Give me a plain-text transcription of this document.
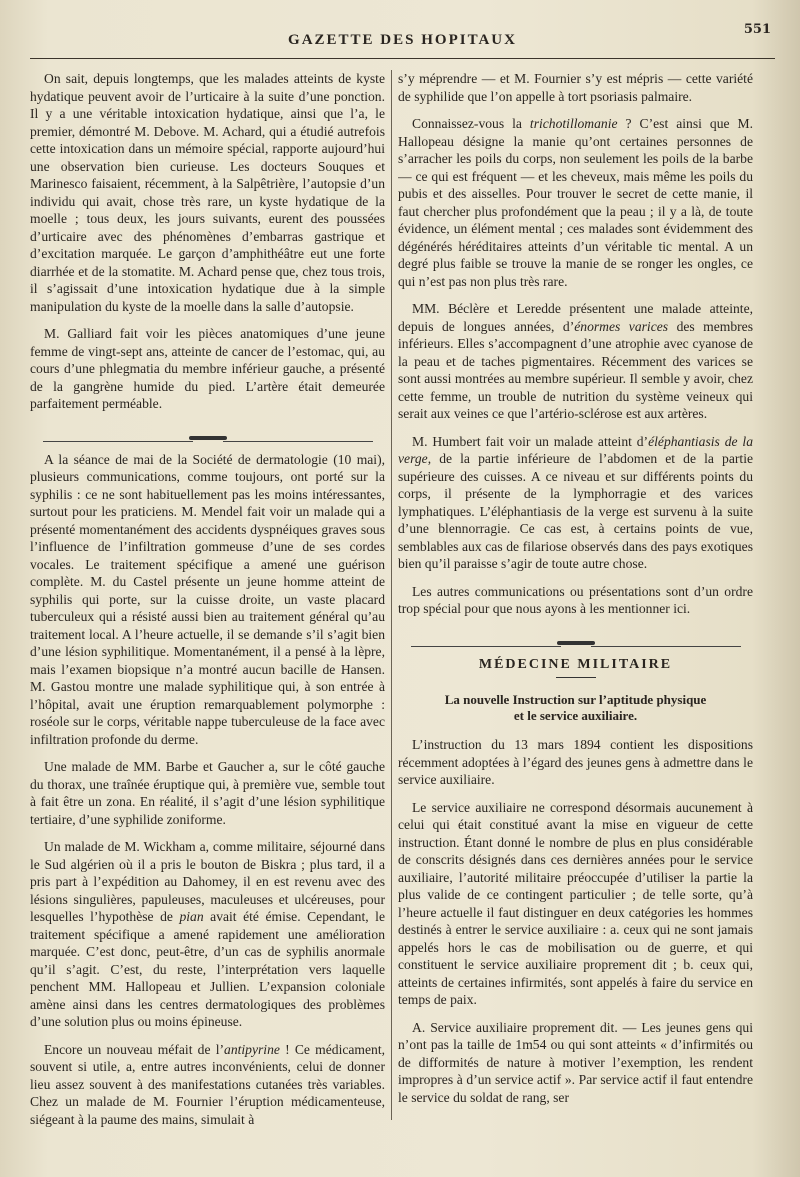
GAZETTE DES HOPITAUX
551

On sait, depuis longtemps, que les malades atteints de kyste hydatique peuvent avoir de l’urticaire à la suite d’une ponction. Il y a une véritable intoxication hydatique, ainsi que l’a, le premier, démontré M. Debove. M. Achard, qui a étudié autrefois cette intoxication dans un mémoire spécial, rapporte aujourd’hui une observation bien curieuse. Les docteurs Souques et Marinesco faisaient, récemment, à la Salpêtrière, l’autopsie d’un individu qui avait, chose très rare, un kyste hydatique de la moelle ; tous deux, les jours suivants, eurent des poussées d’urticaire avec des phénomènes d’embarras gastrique et d’excitation marquée. Le garçon d’amphithéâtre eut une forte diarrhée et de la stomatite. M. Achard pense que, chez tous trois, il s’agissait d’une intoxication hydatique due à la simple manipulation du kyste de la moelle dans la salle d’autopsie.

M. Galliard fait voir les pièces anatomiques d’une jeune femme de vingt-sept ans, atteinte de cancer de l’estomac, qui, au cours d’une phlegmatia du membre inférieur gauche, a présenté de la gangrène humide du pied. L’artère était demeurée parfaitement perméable.

A la séance de mai de la Société de dermatologie (10 mai), plusieurs communications, comme toujours, ont porté sur la syphilis : ce ne sont habituellement pas les moins intéressantes, surtout pour les praticiens. M. Mendel fait voir un malade qui a présenté momentanément des accidents dyspnéiques graves sous l’influence de l’infiltration gommeuse d’une de ses cordes vocales. Le traitement spécifique a amené une guérison complète. M. du Castel présente un jeune homme atteint de syphilis qui porte, sur la cuisse droite, un vaste placard tuberculeux qui a résisté aussi bien au traitement général qu’au traitement local. A l’heure actuelle, il se demande s’il s’agit bien d’une lésion syphilitique. Momentanément, il a pensé à la lèpre, mais l’examen biopsique n’a montré aucun bacille de Hansen. M. Gastou montre une malade syphilitique qui, à son entrée à l’hôpital, avait une éruption remarquablement polymorphe : roséole sur le corps, véritable nappe tuberculeuse de la face avec infiltration profonde du derme.

Une malade de MM. Barbe et Gaucher a, sur le côté gauche du thorax, une traînée éruptique qui, à première vue, semble tout à fait être un zona. En réalité, il s’agit d’une lésion syphilitique tertiaire, d’une syphilide zoniforme.

Un malade de M. Wickham a, comme militaire, séjourné dans le Sud algérien où il a pris le bouton de Biskra ; plus tard, il a pris part à l’expédition au Dahomey, il en est revenu avec des lésions singulières, papuleuses, maculeuses et ulcéreuses, pour lesquelles l’hypothèse de pian avait été émise. Cependant, le traitement spécifique a amené rapidement une amélioration marquée. C’est donc, peut-être, d’un cas de syphilis anormale qu’il s’agit. C’est, du reste, l’interprétation vers laquelle penchent MM. Hallopeau et Jullien. L’expansion coloniale amène ainsi dans les centres dermatologiques des problèmes d’une solution plus ou moins épineuse.

Encore un nouveau méfait de l’antipyrine ! Ce médicament, souvent si utile, a, entre autres inconvénients, celui de donner lieu assez souvent à des manifestations cutanées très variables. Chez un malade de M. Fournier l’éruption médicamenteuse, siégeant à la paume des mains, simulait à

s’y méprendre — et M. Fournier s’y est mépris — cette variété de syphilide que l’on appelle à tort psoriasis palmaire.

Connaissez-vous la trichotillomanie ? C’est ainsi que M. Hallopeau désigne la manie qu’ont certaines personnes de s’arracher les poils du corps, non seulement les poils de la barbe — ce qui est fréquent — et les cheveux, mais même les poils du pubis et des aisselles. Pour trouver le secret de cette manie, il faut chercher plus profondément que la peau ; il y a là, de toute évidence, un élément mental ; ces malades sont évidemment des dégénérés héréditaires atteints d’un véritable tic mental. A un degré plus faible se trouve la manie de se ronger les ongles, ce qui n’est pas non plus très rare.

MM. Béclère et Leredde présentent une malade atteinte, depuis de longues années, d’énormes varices des membres inférieurs. Elles s’accompagnent d’une atrophie avec cyanose de la peau et de taches pigmentaires. Récemment des varices se sont aussi montrées au membre supérieur. Il semble y avoir, chez cette femme, un trouble de nutrition du système veineux qui serait aux veines ce que l’artério-sclérose est aux artères.

M. Humbert fait voir un malade atteint d’éléphantiasis de la verge, de la partie inférieure de l’abdomen et de la partie supérieure des cuisses. A ce niveau et sur différents points du corps, il présente de la lymphorragie et des varices lymphatiques. L’éléphantiasis de la verge est survenu à la suite d’une blennorragie. Ce cas est, à certains points de vue, semblables aux cas de filariose observés dans des pays exotiques bien qu’il paraisse s’agir de toute autre chose.

Les autres communications ou présentations sont d’un ordre trop spécial pour que nous ayons à les mentionner ici.

MÉDECINE MILITAIRE
La nouvelle Instruction sur l’aptitude physique
et le service auxiliaire.

L’instruction du 13 mars 1894 contient les dispositions récemment adoptées à l’égard des jeunes gens à admettre dans le service auxiliaire.

Le service auxiliaire ne correspond désormais aucunement à celui qui était constitué avant la mise en vigueur de cette instruction. Étant donné le nombre de plus en plus considérable de conscrits désignés dans ces dernières années pour le service auxiliaire, l’autorité militaire préoccupée d’utiliser la partie la plus valide de ce contingent particulier ; de telle sorte, qu’à l’heure actuelle il faut distinguer en deux catégories les hommes destinés à entrer le service auxiliaire : a. ceux qui ne sont jamais appelés hors le cas de mobilisation ou de guerre, et qui constituent le service auxiliaire proprement dit ; b. ceux qui, atteints de certaines infirmités, sont appelés à faire du service en temps de paix.

A. Service auxiliaire proprement dit. — Les jeunes gens qui n’ont pas la taille de 1m54 ou qui sont atteints « d’infirmités ou de difformités de nature à motiver l’exemption, les rendent impropres à d’un service actif ». Par service actif il faut entendre le service du soldat de rang, ser
